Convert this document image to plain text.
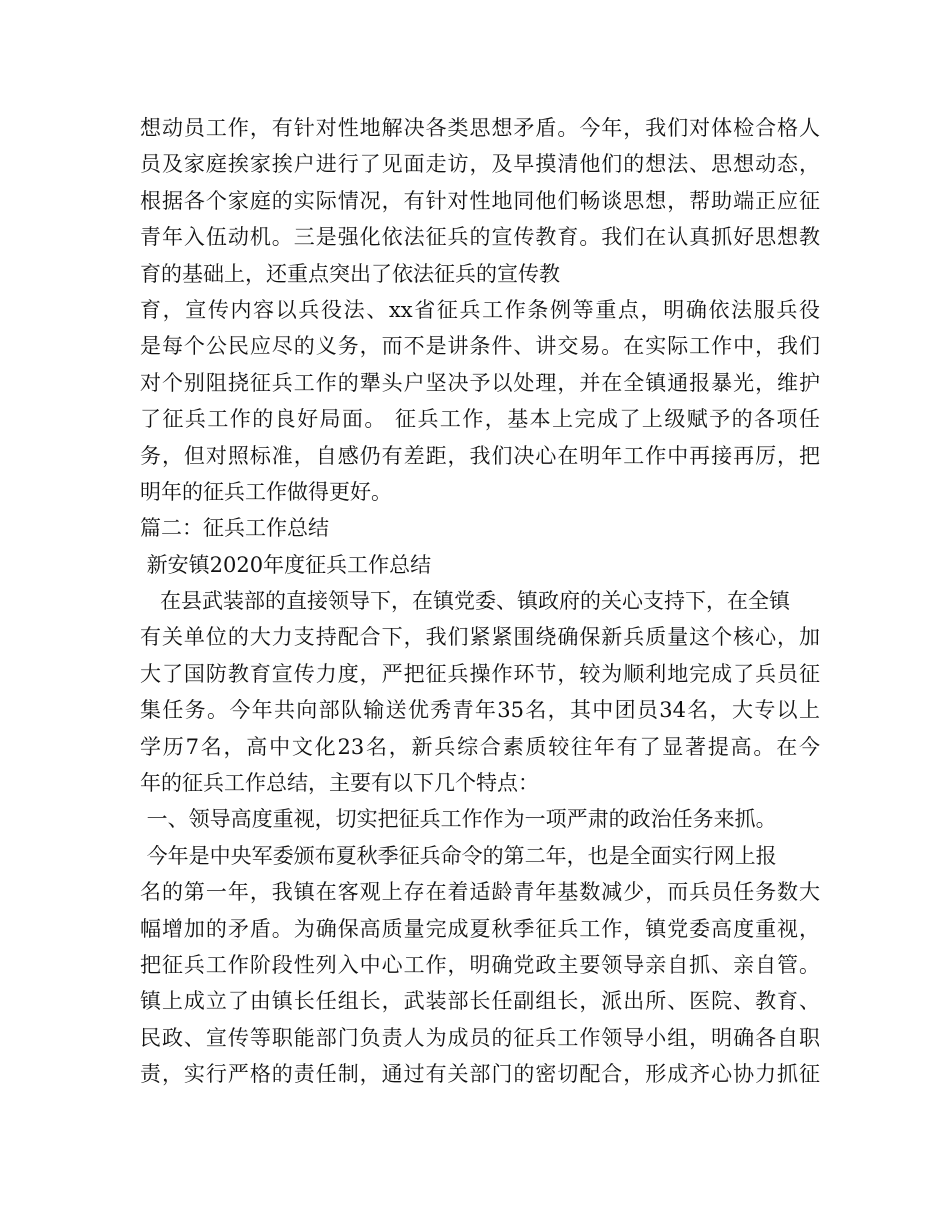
想动员工作，有针对性地解决各类思想矛盾。今年，我们对体检合格人
员及家庭挨家挨户进行了见面走访，及早摸清他们的想法、思想动态，
根据各个家庭的实际情况，有针对性地同他们畅谈思想，帮助端正应征
青年入伍动机。三是强化依法征兵的宣传教育。我们在认真抓好思想教
育的基础上，还重点突出了依法征兵的宣传教
育，宣传内容以兵役法、xx省征兵工作条例等重点，明确依法服兵役
是每个公民应尽的义务，而不是讲条件、讲交易。在实际工作中，我们
对个别阻挠征兵工作的犟头户坚决予以处理，并在全镇通报暴光，维护
了征兵工作的良好局面。 征兵工作，基本上完成了上级赋予的各项任
务，但对照标准，自感仍有差距，我们决心在明年工作中再接再厉，把
明年的征兵工作做得更好。
篇二：征兵工作总结
新安镇2020年度征兵工作总结
在县武装部的直接领导下，在镇党委、镇政府的关心支持下，在全镇
有关单位的大力支持配合下，我们紧紧围绕确保新兵质量这个核心，加
大了国防教育宣传力度，严把征兵操作环节，较为顺利地完成了兵员征
集任务。今年共向部队输送优秀青年35名，其中团员34名，大专以上
学历7名，高中文化23名，新兵综合素质较往年有了显著提高。在今
年的征兵工作总结，主要有以下几个特点：
一、领导高度重视，切实把征兵工作作为一项严肃的政治任务来抓。
今年是中央军委颁布夏秋季征兵命令的第二年，也是全面实行网上报
名的第一年，我镇在客观上存在着适龄青年基数减少，而兵员任务数大
幅增加的矛盾。为确保高质量完成夏秋季征兵工作，镇党委高度重视，
把征兵工作阶段性列入中心工作，明确党政主要领导亲自抓、亲自管。
镇上成立了由镇长任组长，武装部长任副组长，派出所、医院、教育、
民政、宣传等职能部门负责人为成员的征兵工作领导小组，明确各自职
责，实行严格的责任制，通过有关部门的密切配合，形成齐心协力抓征
